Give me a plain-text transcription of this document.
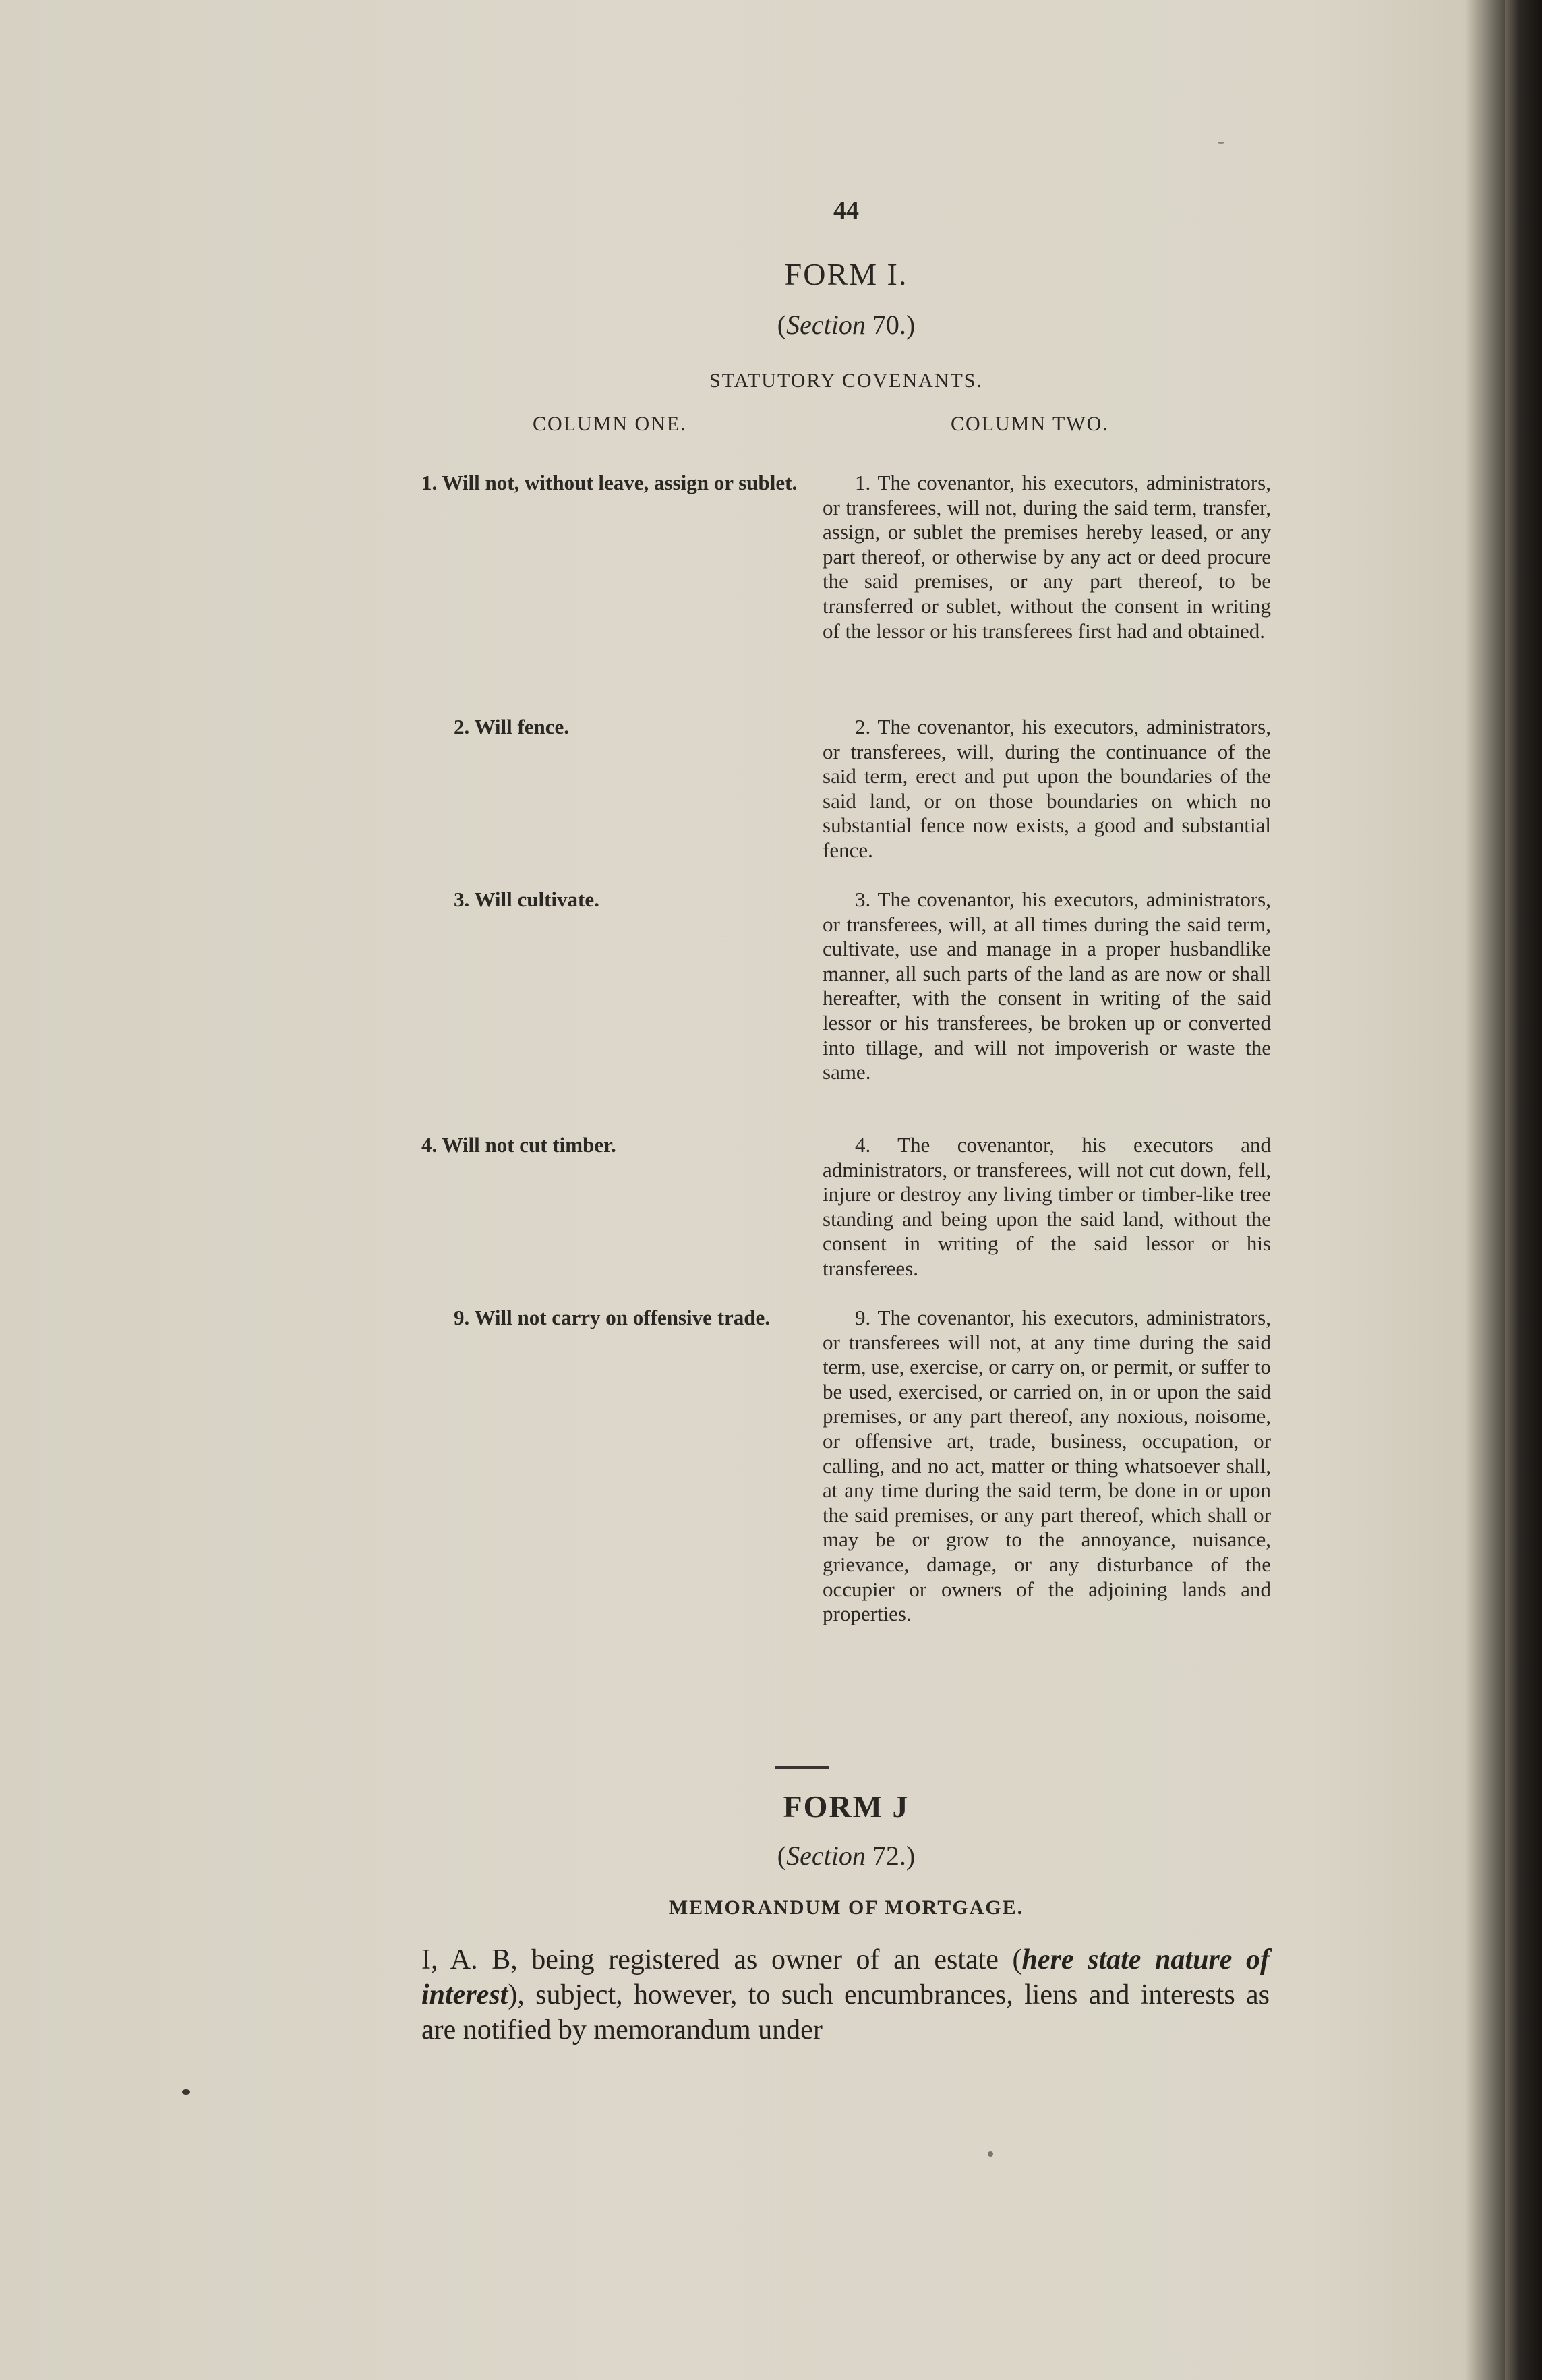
44
FORM I.
(Section 70.)
STATUTORY COVENANTS.
COLUMN ONE.	COLUMN TWO.
1. Will not, without leave, assign or sublet.	1. The covenantor, his executors, administrators, or transferees, will not, during the said term, transfer, assign, or sublet the premises hereby leased, or any part thereof, or otherwise by any act or deed procure the said premises, or any part thereof, to be transferred or sublet, without the consent in writing of the lessor or his transferees first had and obtained.
2. Will fence.	2. The covenantor, his executors, administrators, or transferees, will, during the continuance of the said term, erect and put upon the boundaries of the said land, or on those boundaries on which no substantial fence now exists, a good and substantial fence.
3. Will cultivate.	3. The covenantor, his executors, administrators, or transferees, will, at all times during the said term, cultivate, use and manage in a proper husbandlike manner, all such parts of the land as are now or shall hereafter, with the consent in writing of the said lessor or his transferees, be broken up or converted into tillage, and will not impoverish or waste the same.
4. Will not cut timber.	4. The covenantor, his executors and administrators, or transferees, will not cut down, fell, injure or destroy any living timber or timber-like tree standing and being upon the said land, without the consent in writing of the said lessor or his transferees.
9. Will not carry on offensive trade.	9. The covenantor, his executors, administrators, or transferees will not, at any time during the said term, use, exercise, or carry on, or permit, or suffer to be used, exercised, or carried on, in or upon the said premises, or any part thereof, any noxious, noisome, or offensive art, trade, business, occupation, or calling, and no act, matter or thing whatsoever shall, at any time during the said term, be done in or upon the said premises, or any part thereof, which shall or may be or grow to the annoyance, nuisance, grievance, damage, or any disturbance of the occupier or owners of the adjoining lands and properties.
FORM J
(Section 72.)
MEMORANDUM OF MORTGAGE.
I, A. B, being registered as owner of an estate (here state nature of interest), subject, however, to such encumbrances, liens and interests as are notified by memorandum under
